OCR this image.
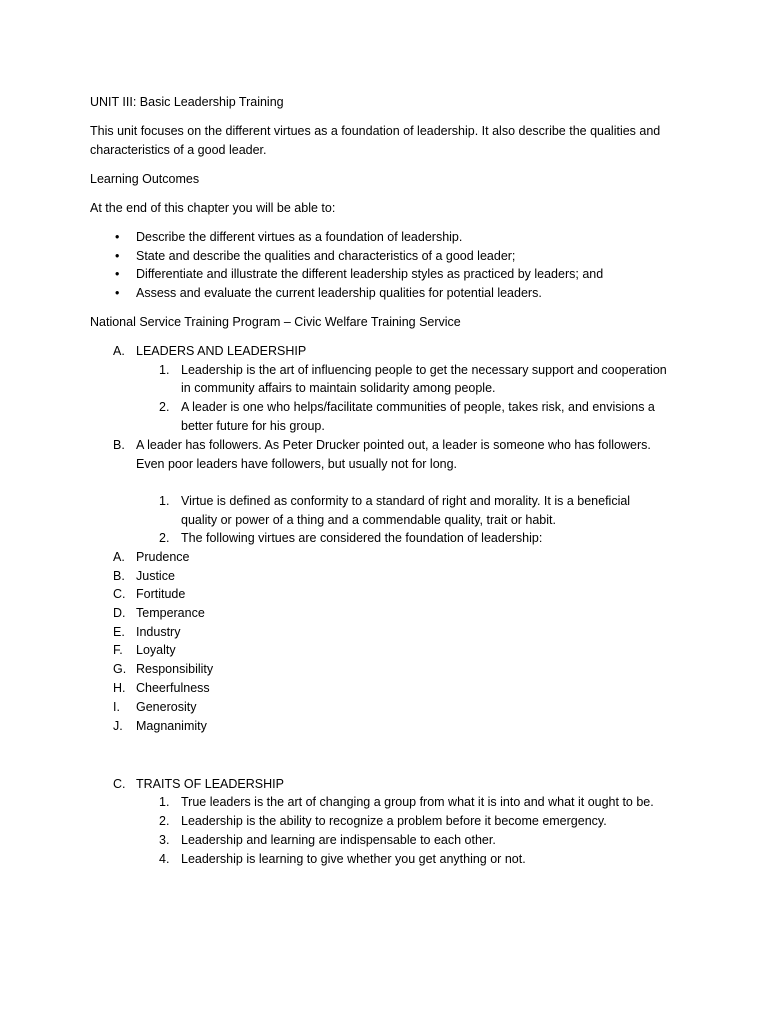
UNIT III: Basic Leadership Training
This unit focuses on the different virtues as a foundation of leadership. It also describe the qualities and
characteristics of a good leader.
Learning Outcomes
At the end of this chapter you will be able to:
• Describe the different virtues as a foundation of leadership.
• State and describe the qualities and characteristics of a good leader;
• Differentiate and illustrate the different leadership styles as practiced by leaders; and
• Assess and evaluate the current leadership qualities for potential leaders.
National Service Training Program – Civic Welfare Training Service
A. LEADERS AND LEADERSHIP
1. Leadership is the art of influencing people to get the necessary support and cooperation
in community affairs to maintain solidarity among people.
2. A leader is one who helps/facilitate communities of people, takes risk, and envisions a
better future for his group.
B. A leader has followers. As Peter Drucker pointed out, a leader is someone who has followers.
Even poor leaders have followers, but usually not for long.
1. Virtue is defined as conformity to a standard of right and morality. It is a beneficial
quality or power of a thing and a commendable quality, trait or habit.
2. The following virtues are considered the foundation of leadership:
A. Prudence
B. Justice
C. Fortitude
D. Temperance
E. Industry
F. Loyalty
G. Responsibility
H. Cheerfulness
I. Generosity
J. Magnanimity
C. TRAITS OF LEADERSHIP
1. True leaders is the art of changing a group from what it is into and what it ought to be.
2. Leadership is the ability to recognize a problem before it become emergency.
3. Leadership and learning are indispensable to each other.
4. Leadership is learning to give whether you get anything or not.
